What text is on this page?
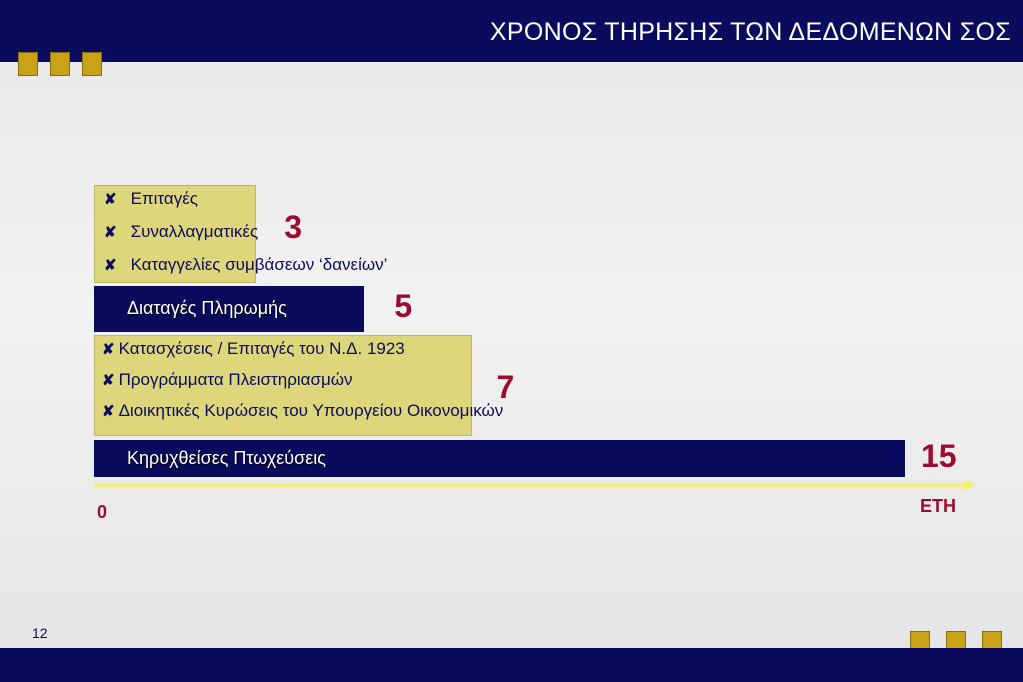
ΧΡΟΝΟΣ ΤΗΡΗΣΗΣ ΤΩΝ ΔΕΔΟΜΕΝΩΝ ΣΟΣ
✘ Επιταγές
✘ Συναλλαγματικές
✘ Καταγγελίες συμβάσεων ‘δανείων’
3
Διαταγές Πληρωμής	5
✘ Κατασχέσεις / Επιταγές του Ν.Δ. 1923
✘ Προγράμματα Πλειστηριασμών
✘ Διοικητικές Κυρώσεις του Υπουργείου Οικονομικών
7
Κηρυχθείσες Πτωχεύσεις	15
0	ΕΤΗ
12
